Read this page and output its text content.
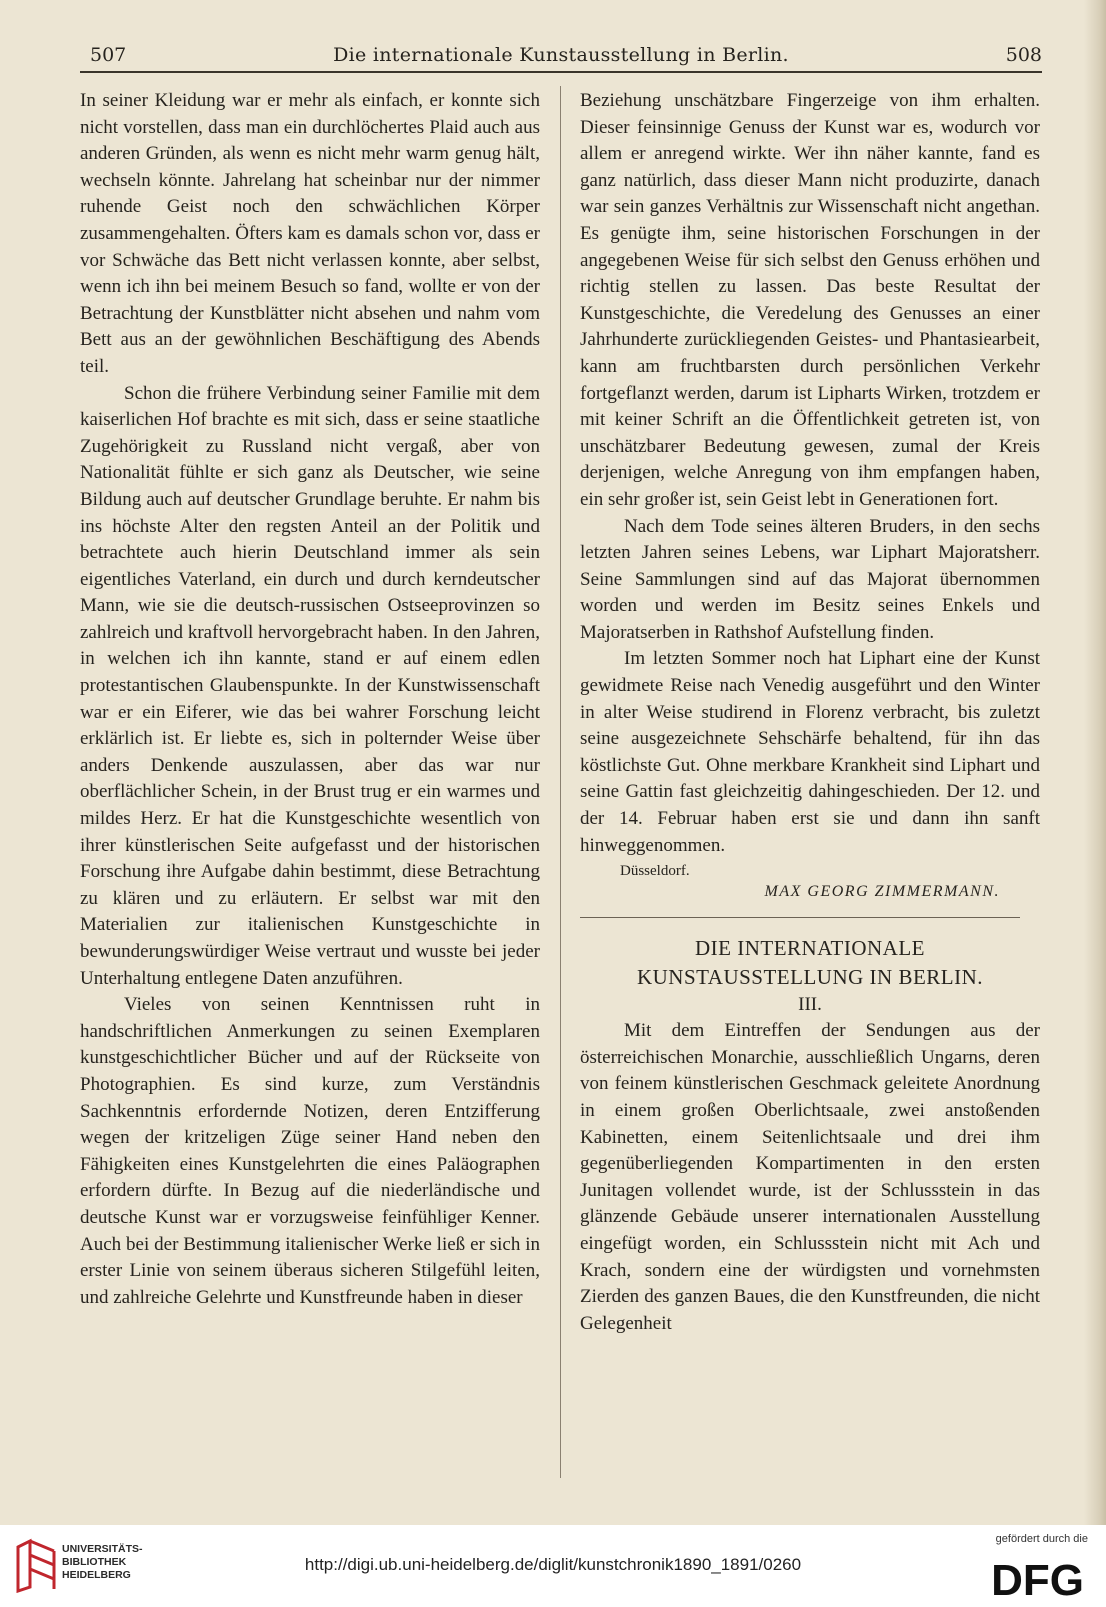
507	Die internationale Kunstausstellung in Berlin.	508

In seiner Kleidung war er mehr als einfach, er konnte sich nicht vorstellen, dass man ein durchlöchertes Plaid auch aus anderen Gründen, als wenn es nicht mehr warm genug hält, wechseln könnte. Jahrelang hat scheinbar nur der nimmer ruhende Geist noch den schwächlichen Körper zusammengehalten. Öfters kam es damals schon vor, dass er vor Schwäche das Bett nicht verlassen konnte, aber selbst, wenn ich ihn bei meinem Besuch so fand, wollte er von der Betrachtung der Kunstblätter nicht absehen und nahm vom Bett aus an der gewöhnlichen Beschäftigung des Abends teil.

Schon die frühere Verbindung seiner Familie mit dem kaiserlichen Hof brachte es mit sich, dass er seine staatliche Zugehörigkeit zu Russland nicht vergaß, aber von Nationalität fühlte er sich ganz als Deutscher, wie seine Bildung auch auf deutscher Grundlage beruhte. Er nahm bis ins höchste Alter den regsten Anteil an der Politik und betrachtete auch hierin Deutschland immer als sein eigentliches Vaterland, ein durch und durch kerndeutscher Mann, wie sie die deutsch-russischen Ostseeprovinzen so zahlreich und kraftvoll hervorgebracht haben. In den Jahren, in welchen ich ihn kannte, stand er auf einem edlen protestantischen Glaubenspunkte. In der Kunstwissenschaft war er ein Eiferer, wie das bei wahrer Forschung leicht erklärlich ist. Er liebte es, sich in polternder Weise über anders Denkende auszulassen, aber das war nur oberflächlicher Schein, in der Brust trug er ein warmes und mildes Herz. Er hat die Kunstgeschichte wesentlich von ihrer künstlerischen Seite aufgefasst und der historischen Forschung ihre Aufgabe dahin bestimmt, diese Betrachtung zu klären und zu erläutern. Er selbst war mit den Materialien zur italienischen Kunstgeschichte in bewunderungswürdiger Weise vertraut und wusste bei jeder Unterhaltung entlegene Daten anzuführen.

Vieles von seinen Kenntnissen ruht in handschriftlichen Anmerkungen zu seinen Exemplaren kunstgeschichtlicher Bücher und auf der Rückseite von Photographien. Es sind kurze, zum Verständnis Sachkenntnis erfordernde Notizen, deren Entzifferung wegen der kritzeligen Züge seiner Hand neben den Fähigkeiten eines Kunstgelehrten die eines Paläographen erfordern dürfte. In Bezug auf die niederländische und deutsche Kunst war er vorzugsweise feinfühliger Kenner. Auch bei der Bestimmung italienischer Werke ließ er sich in erster Linie von seinem überaus sicheren Stilgefühl leiten, und zahlreiche Gelehrte und Kunstfreunde haben in dieser

Beziehung unschätzbare Fingerzeige von ihm erhalten. Dieser feinsinnige Genuss der Kunst war es, wodurch vor allem er anregend wirkte. Wer ihn näher kannte, fand es ganz natürlich, dass dieser Mann nicht produzirte, danach war sein ganzes Verhältnis zur Wissenschaft nicht angethan. Es genügte ihm, seine historischen Forschungen in der angegebenen Weise für sich selbst den Genuss erhöhen und richtig stellen zu lassen. Das beste Resultat der Kunstgeschichte, die Veredelung des Genusses an einer Jahrhunderte zurückliegenden Geistes- und Phantasiearbeit, kann am fruchtbarsten durch persönlichen Verkehr fortgeflanzt werden, darum ist Lipharts Wirken, trotzdem er mit keiner Schrift an die Öffentlichkeit getreten ist, von unschätzbarer Bedeutung gewesen, zumal der Kreis derjenigen, welche Anregung von ihm empfangen haben, ein sehr großer ist, sein Geist lebt in Generationen fort.

Nach dem Tode seines älteren Bruders, in den sechs letzten Jahren seines Lebens, war Liphart Majoratsherr. Seine Sammlungen sind auf das Majorat übernommen worden und werden im Besitz seines Enkels und Majoratserben in Rathshof Aufstellung finden.

Im letzten Sommer noch hat Liphart eine der Kunst gewidmete Reise nach Venedig ausgeführt und den Winter in alter Weise studirend in Florenz verbracht, bis zuletzt seine ausgezeichnete Sehschärfe behaltend, für ihn das köstlichste Gut. Ohne merkbare Krankheit sind Liphart und seine Gattin fast gleichzeitig dahingeschieden. Der 12. und der 14. Februar haben erst sie und dann ihn sanft hinweggenommen.

Düsseldorf.

MAX GEORG ZIMMERMANN.

DIE INTERNATIONALE

KUNSTAUSSTELLUNG IN BERLIN.

III.

Mit dem Eintreffen der Sendungen aus der österreichischen Monarchie, ausschließlich Ungarns, deren von feinem künstlerischen Geschmack geleitete Anordnung in einem großen Oberlichtsaale, zwei anstoßenden Kabinetten, einem Seitenlichtsaale und drei ihm gegenüberliegenden Kompartimenten in den ersten Junitagen vollendet wurde, ist der Schlussstein in das glänzende Gebäude unserer internationalen Ausstellung eingefügt worden, ein Schlussstein nicht mit Ach und Krach, sondern eine der würdigsten und vornehmsten Zierden des ganzen Baues, die den Kunstfreunden, die nicht Gelegenheit

UNIVERSITÄTS-
BIBLIOTHEK
HEIDELBERG
http://digi.ub.uni-heidelberg.de/diglit/kunstchronik1890_1891/0260
gefördert durch die
DFG
